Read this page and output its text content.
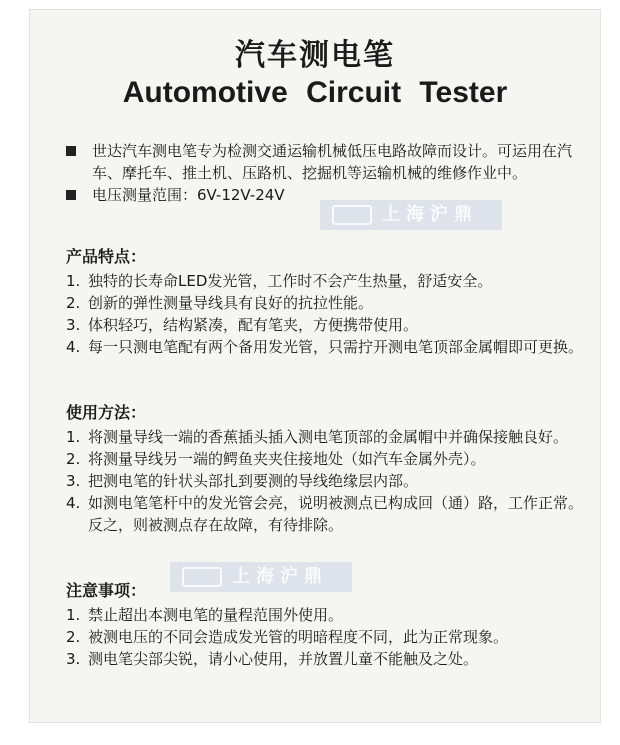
汽车测电笔
Automotive Circuit Tester
世达汽车测电笔专为检测交通运输机械低压电路故障而设计。可运用在汽车、摩托车、推土机、压路机、挖掘机等运输机械的维修作业中。
电压测量范围：6V-12V-24V
上海沪鼎
产品特点：
1. 独特的长寿命LED发光管，工作时不会产生热量，舒适安全。
2. 创新的弹性测量导线具有良好的抗拉性能。
3. 体积轻巧，结构紧凑，配有笔夹，方便携带使用。
4. 每一只测电笔配有两个备用发光管，只需拧开测电笔顶部金属帽即可更换。
使用方法：
1. 将测量导线一端的香蕉插头插入测电笔顶部的金属帽中并确保接触良好。
2. 将测量导线另一端的鳄鱼夹夹住接地处（如汽车金属外壳）。
3. 把测电笔的针状头部扎到要测的导线绝缘层内部。
4. 如测电笔笔杆中的发光管会亮，说明被测点已构成回（通）路，工作正常。反之，则被测点存在故障，有待排除。
上海沪鼎
注意事项：
1. 禁止超出本测电笔的量程范围外使用。
2. 被测电压的不同会造成发光管的明暗程度不同，此为正常现象。
3. 测电笔尖部尖锐，请小心使用，并放置儿童不能触及之处。
